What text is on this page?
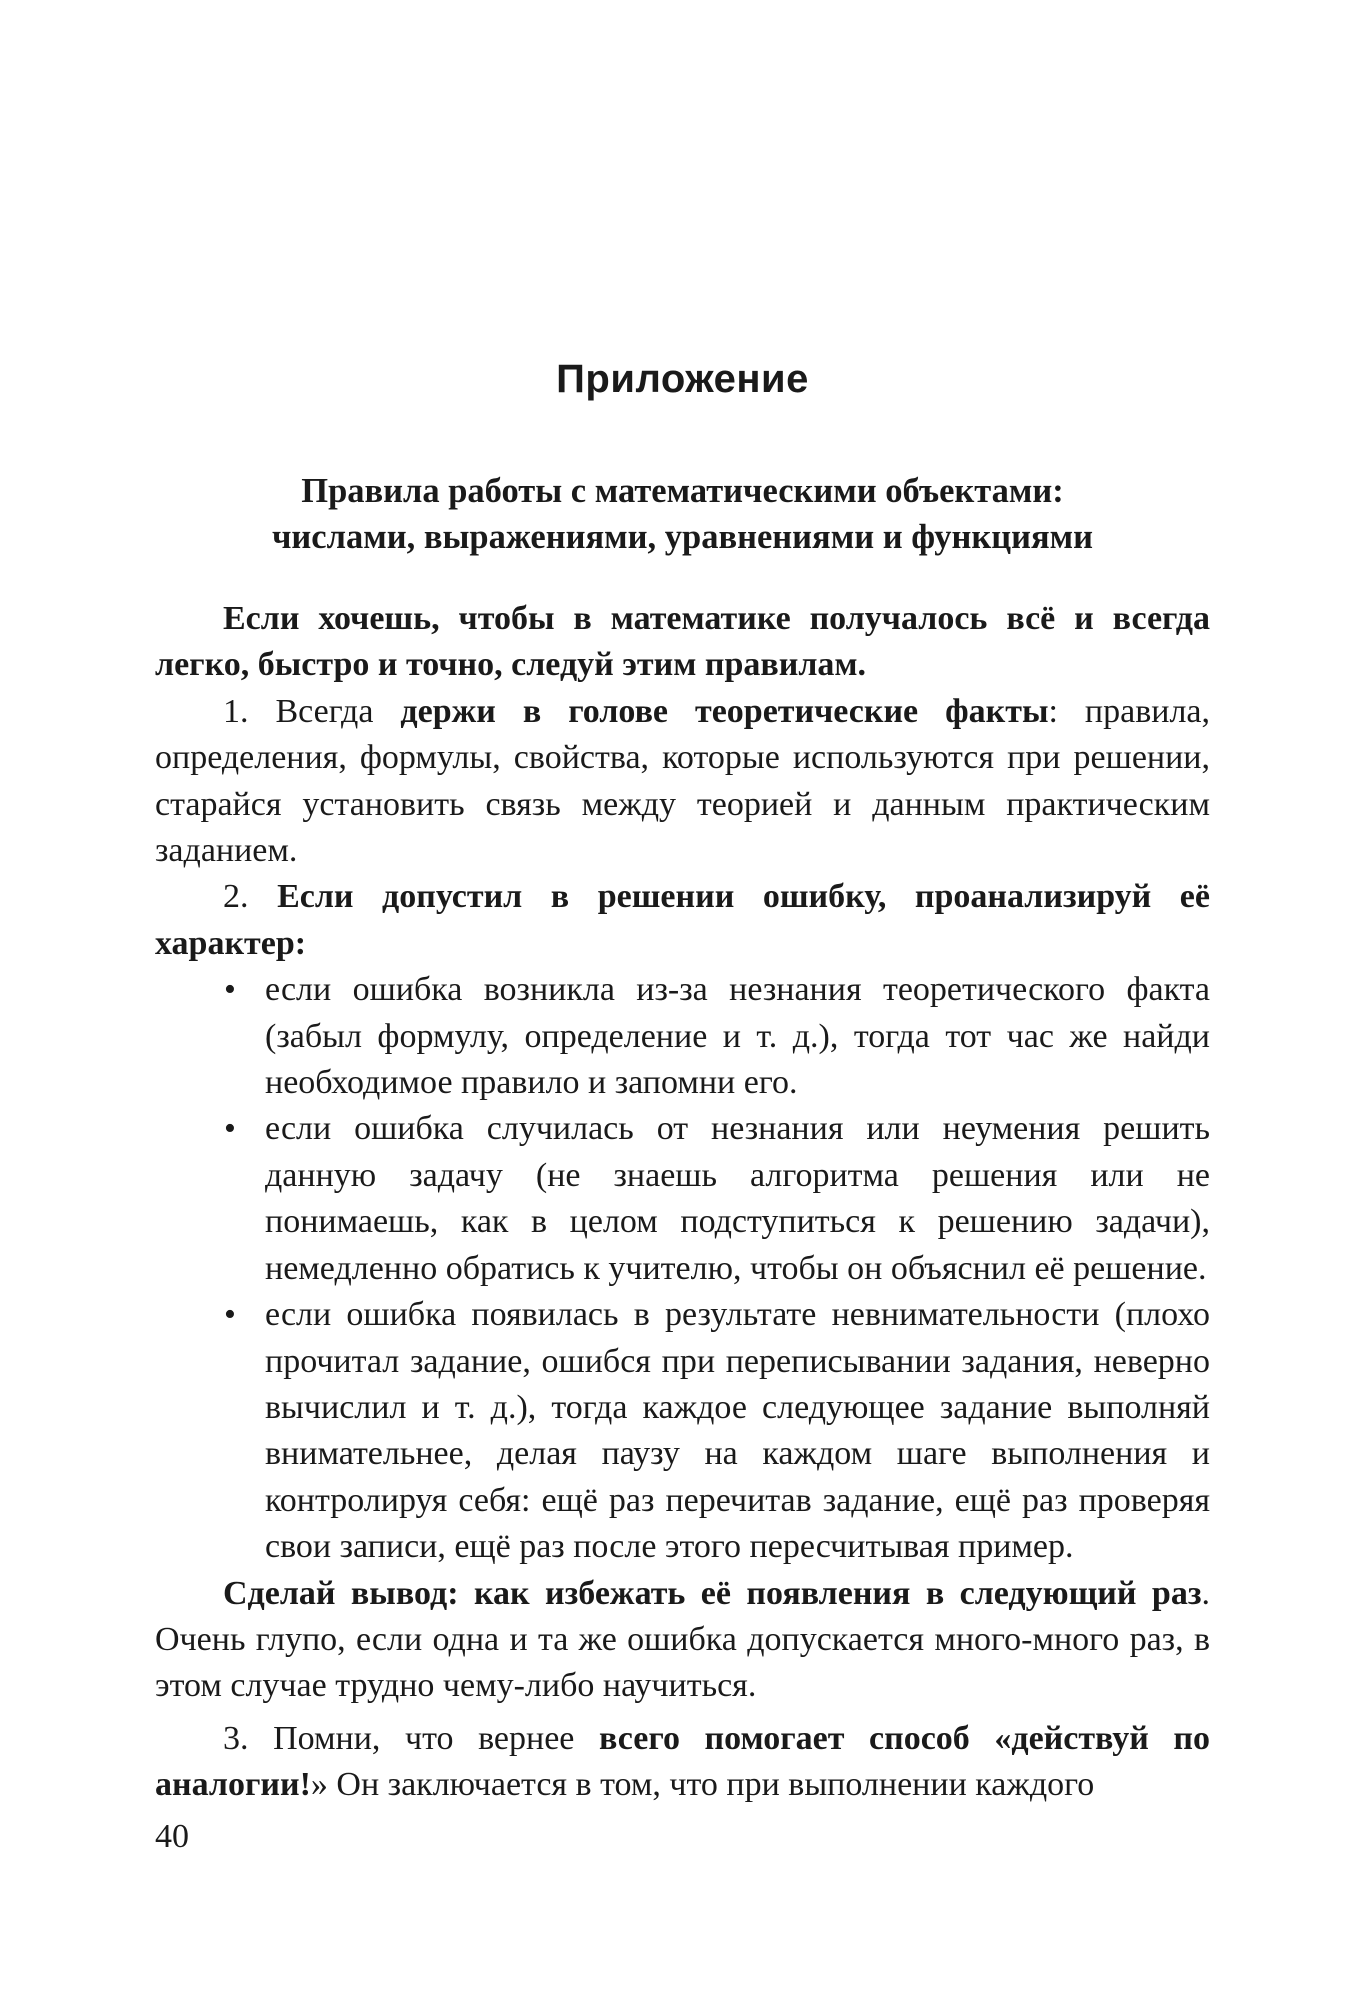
Приложение
Правила работы с математическими объектами:
числами, выражениями, уравнениями и функциями

Если хочешь, чтобы в математике получалось всё и всегда легко, быстро и точно, следуй этим правилам.

1. Всегда держи в голове теоретические факты: правила, определения, формулы, свойства, которые используются при решении, старайся установить связь между теорией и данным практическим заданием.

2. Если допустил в решении ошибку, проанализируй её характер:

• если ошибка возникла из-за незнания теоретического факта (забыл формулу, определение и т. д.), тогда тот час же найди необходимое правило и запомни его.
• если ошибка случилась от незнания или неумения решить данную задачу (не знаешь алгоритма решения или не понимаешь, как в целом подступиться к решению задачи), немедленно обратись к учителю, чтобы он объяснил её решение.
• если ошибка появилась в результате невнимательности (плохо прочитал задание, ошибся при переписывании задания, неверно вычислил и т. д.), тогда каждое следующее задание выполняй внимательнее, делая паузу на каждом шаге выполнения и контролируя себя: ещё раз перечитав задание, ещё раз проверяя свои записи, ещё раз после этого пересчитывая пример.

Сделай вывод: как избежать её появления в следующий раз. Очень глупо, если одна и та же ошибка допускается много-много раз, в этом случае трудно чему-либо научиться.

3. Помни, что вернее всего помогает способ «действуй по аналогии!» Он заключается в том, что при выполнении каждого

40
